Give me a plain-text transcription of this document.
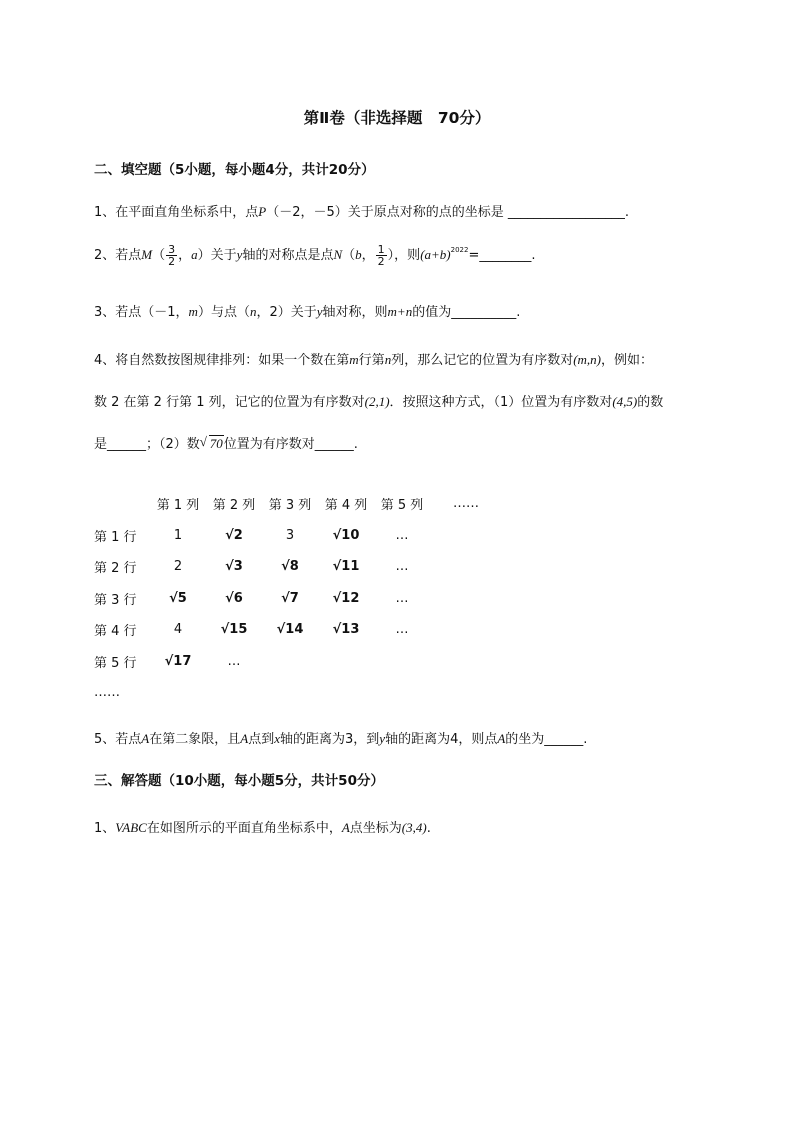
第Ⅱ卷（非选择题　70分）
二、填空题（5小题，每小题4分，共计20分）
1、在平面直角坐标系中，点P（－2，－5）关于原点对称的点的坐标是 __________________.
2、若点$M( \frac{3}{2}$ ，a）关于y轴的对称点是点N（b， $\frac{1}{2}$ ），则$(a+b)^{2022}=\_\_\_\_\_\_\_\_$.
3、若点（－1，m）与点（n，2）关于y轴对称，则m+n的值为__________.
4、将自然数按图规律排列：如果一个数在第m行第n列，那么记它的位置为有序数对(m,n)，例如：
数 2 在第 2 行第 1 列，记它的位置为有序数对(2,1)．按照这种方式，（1）位置为有序数对(4,5)的数
是______；（2）数 √ 70位置为有序数对______.
	第 1 列	第 2 列	第 3 列	第 4 列	第 5 列	……
第 1 行	1	√2	3	√10	…	
第 2 行	2	√3	√8	√11	…	
第 3 行	√5	√6	√7	√12	…	
第 4 行	4	√15	√14	√13	…	
第 5 行	√17	…				
……						
5、若点A在第二象限，且A点到x轴的距离为3，到y轴的距离为4，则点A的坐为______.
三、解答题（10小题，每小题5分，共计50分）
1、VABC在如图所示的平面直角坐标系中，A点坐标为(3,4).
